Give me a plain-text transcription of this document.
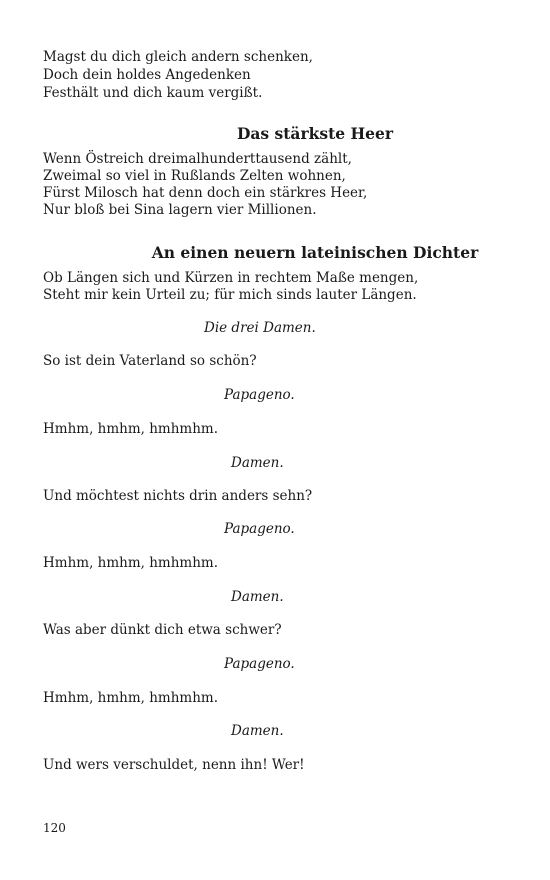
Magst du dich gleich andern schenken,
Doch dein holdes Angedenken
Festhält und dich kaum vergißt.
Das stärkste Heer
Wenn Östreich dreimalhunderttausend zählt,
Zweimal so viel in Rußlands Zelten wohnen,
Fürst Milosch hat denn doch ein stärkres Heer,
Nur bloß bei Sina lagern vier Millionen.
An einen neuern lateinischen Dichter
Ob Längen sich und Kürzen in rechtem Maße mengen,
Steht mir kein Urteil zu; für mich sinds lauter Längen.
Die drei Damen.
So ist dein Vaterland so schön?
Papageno.
Hmhm, hmhm, hmhmhm.
Damen.
Und möchtest nichts drin anders sehn?
Papageno.
Hmhm, hmhm, hmhmhm.
Damen.
Was aber dünkt dich etwa schwer?
Papageno.
Hmhm, hmhm, hmhmhm.
Damen.
Und wers verschuldet, nenn ihn! Wer!
120
